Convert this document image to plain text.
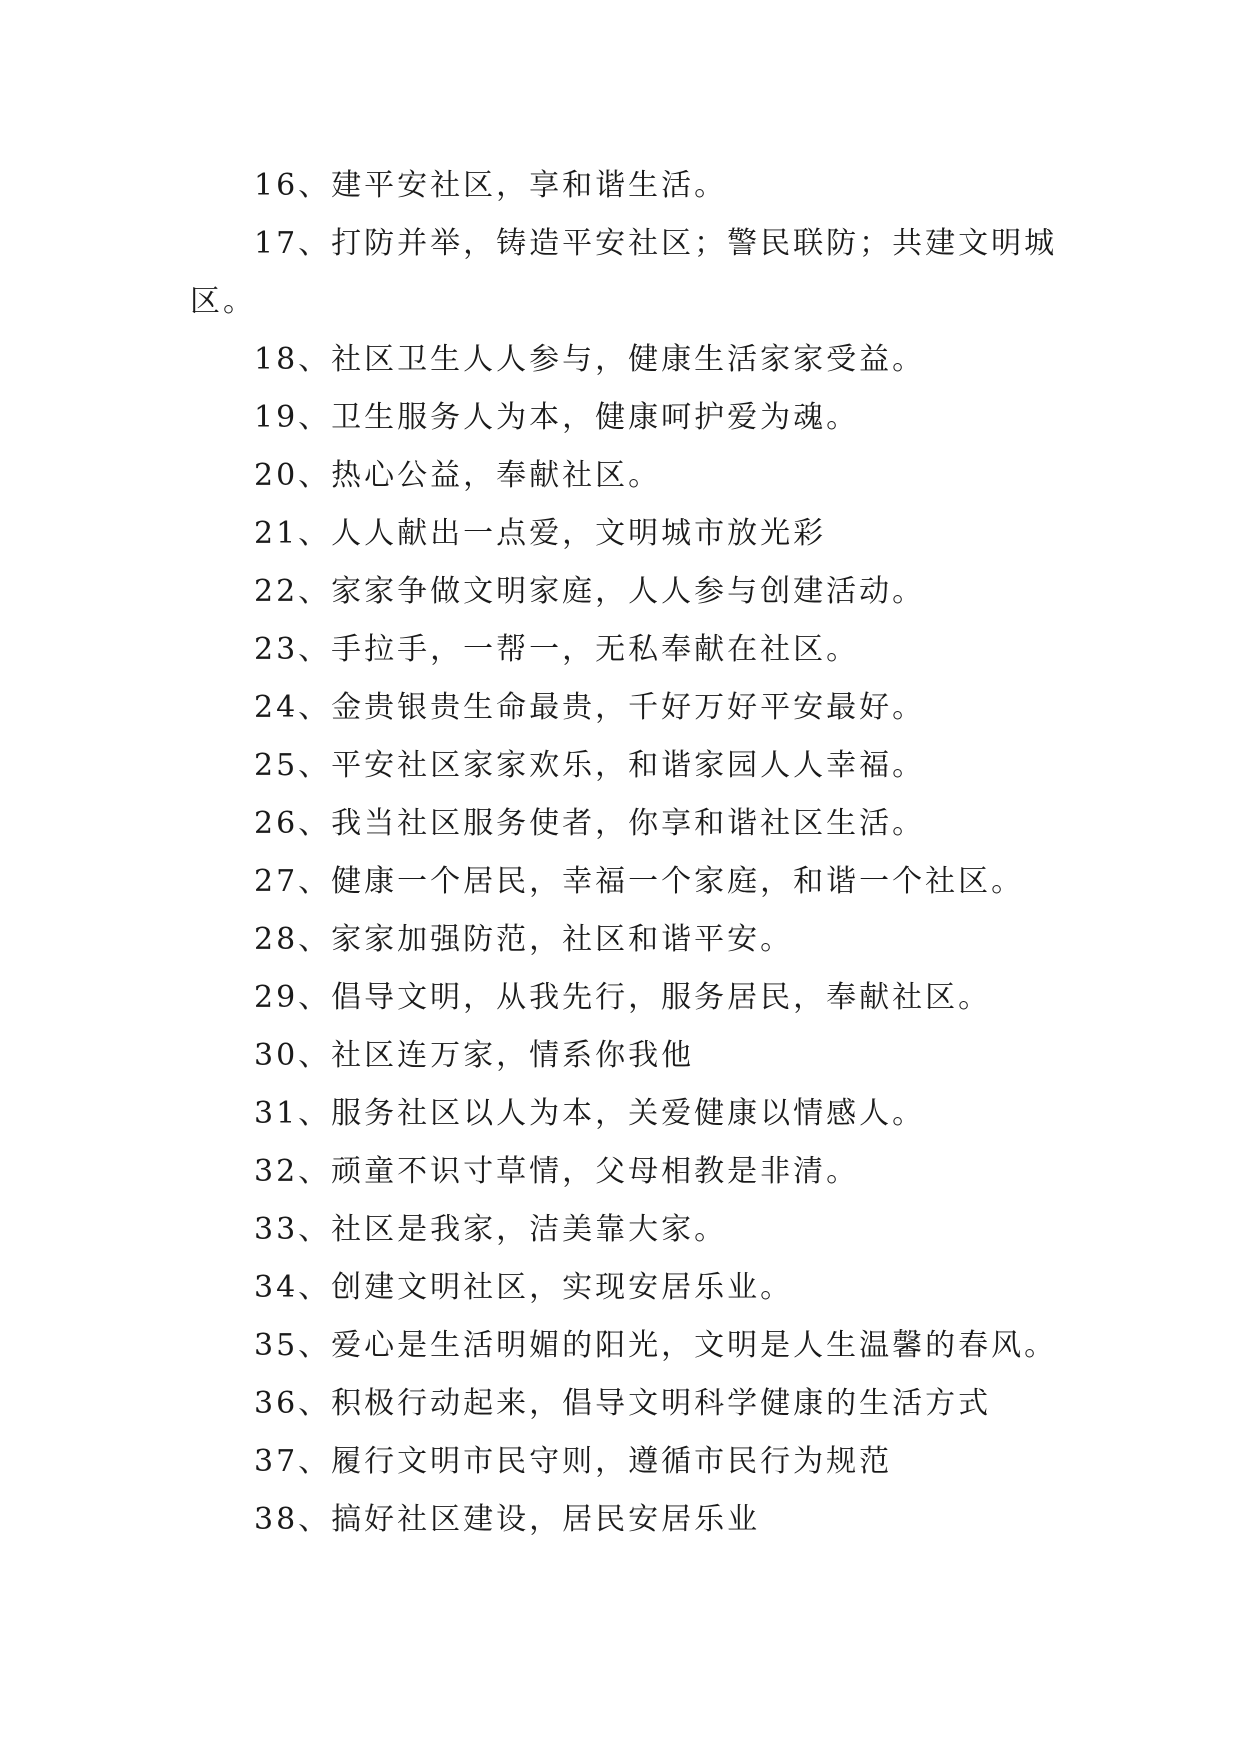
16、建平安社区，享和谐生活。
17、打防并举，铸造平安社区；警民联防；共建文明城
区。
18、社区卫生人人参与，健康生活家家受益。
19、卫生服务人为本，健康呵护爱为魂。
20、热心公益，奉献社区。
21、人人献出一点爱，文明城市放光彩
22、家家争做文明家庭，人人参与创建活动。
23、手拉手，一帮一，无私奉献在社区。
24、金贵银贵生命最贵，千好万好平安最好。
25、平安社区家家欢乐，和谐家园人人幸福。
26、我当社区服务使者，你享和谐社区生活。
27、健康一个居民，幸福一个家庭，和谐一个社区。
28、家家加强防范，社区和谐平安。
29、倡导文明，从我先行，服务居民，奉献社区。
30、社区连万家，情系你我他
31、服务社区以人为本，关爱健康以情感人。
32、顽童不识寸草情，父母相教是非清。
33、社区是我家，洁美靠大家。
34、创建文明社区，实现安居乐业。
35、爱心是生活明媚的阳光，文明是人生温馨的春风。
36、积极行动起来，倡导文明科学健康的生活方式
37、履行文明市民守则，遵循市民行为规范
38、搞好社区建设，居民安居乐业
